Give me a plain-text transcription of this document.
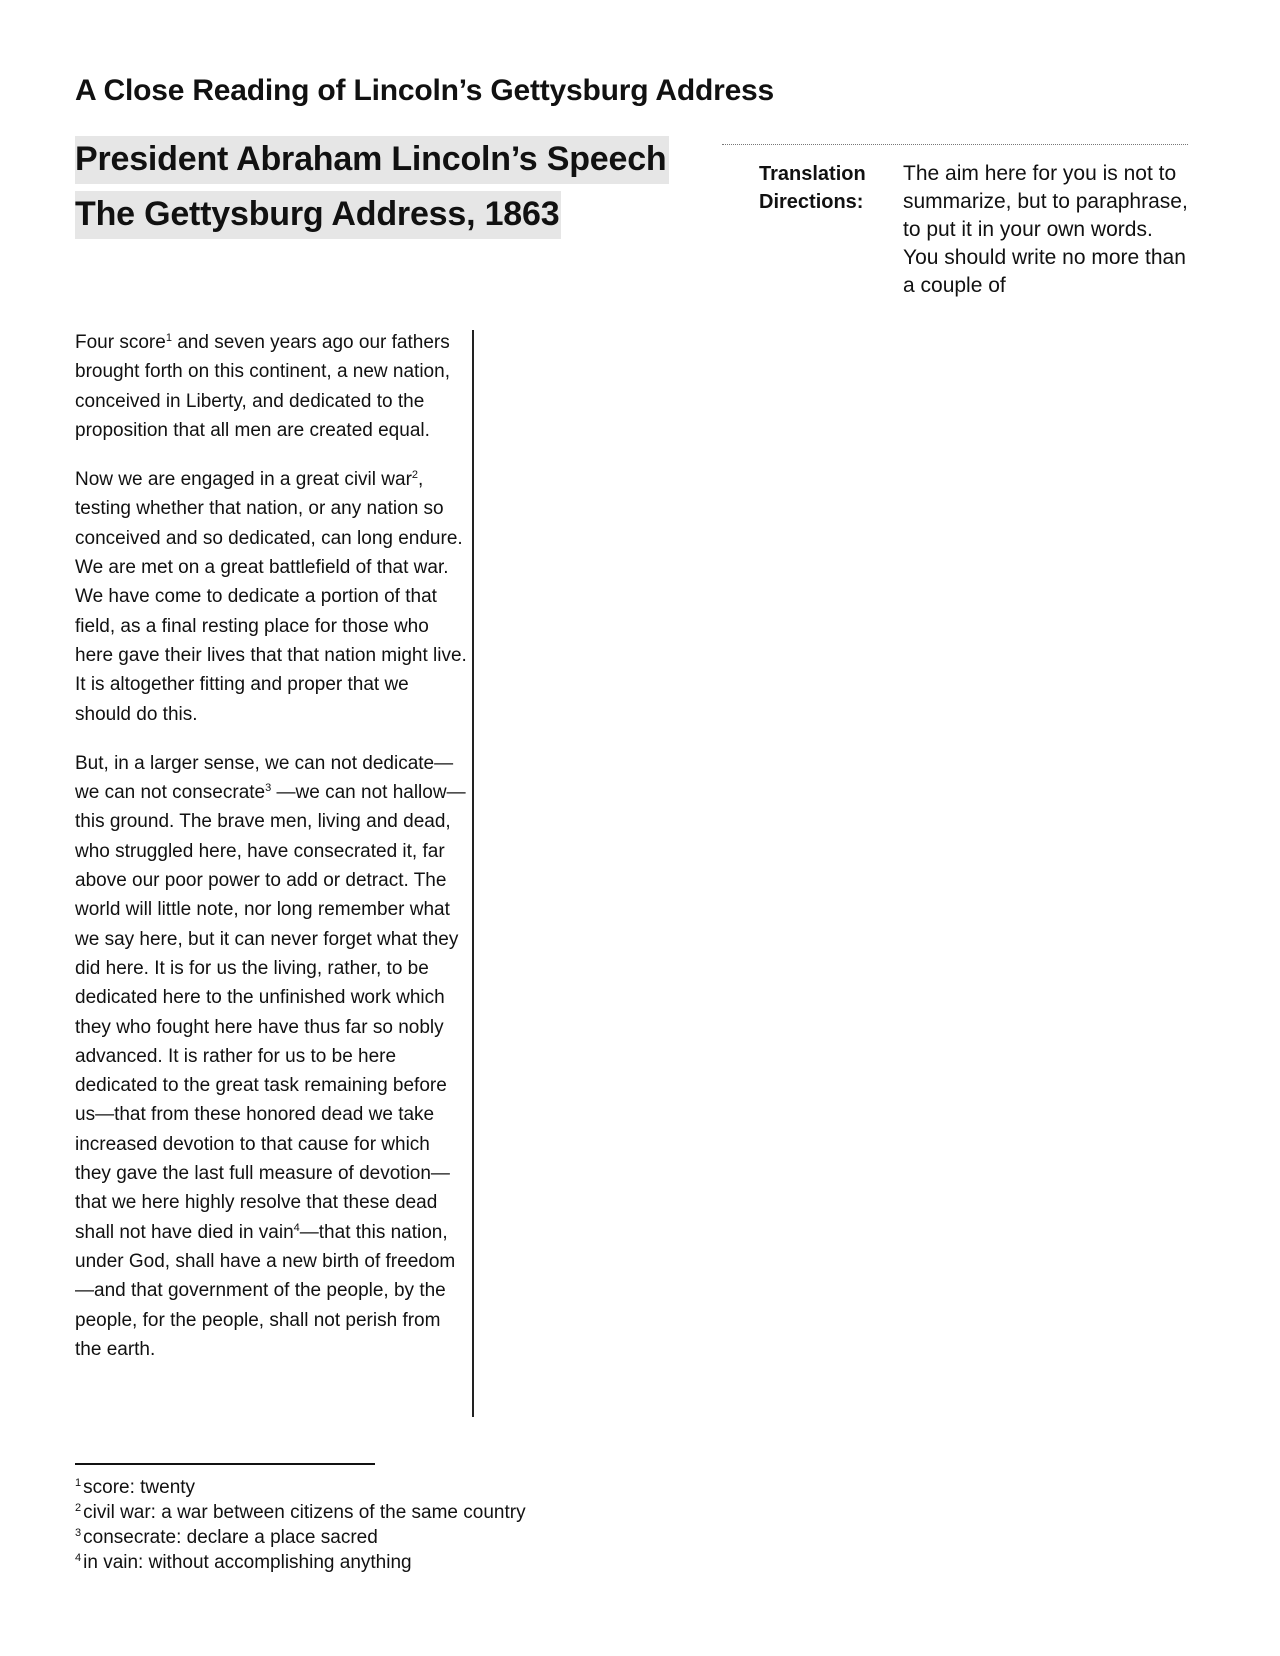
A Close Reading of Lincoln’s Gettysburg Address
President Abraham Lincoln’s Speech
The Gettysburg Address, 1863
Translation Directions:
The aim here for you is not to summarize, but to paraphrase, to put it in your own words. You should write no more than a couple of

Four score$^1$ and seven years ago our fathers brought forth on this continent, a new nation, conceived in Liberty, and dedicated to the proposition that all men are created equal.

Now we are engaged in a great civil war$^2$, testing whether that nation, or any nation so conceived and so dedicated, can long endure. We are met on a great battlefield of that war. We have come to dedicate a portion of that field, as a final resting place for those who here gave their lives that that nation might live. It is altogether fitting and proper that we should do this.

But, in a larger sense, we can not dedicate—we can not consecrate$^3$ —we can not hallow—this ground. The brave men, living and dead, who struggled here, have consecrated it, far above our poor power to add or detract. The world will little note, nor long remember what we say here, but it can never forget what they did here. It is for us the living, rather, to be dedicated here to the unfinished work which they who fought here have thus far so nobly advanced. It is rather for us to be here dedicated to the great task remaining before us—that from these honored dead we take increased devotion to that cause for which they gave the last full measure of devotion—that we here highly resolve that these dead shall not have died in vain$^4$—that this nation, under God, shall have a new birth of freedom—and that government of the people, by the people, for the people, shall not perish from the earth.

$^1$ score: twenty
$^2$ civil war: a war between citizens of the same country
$^3$ consecrate: declare a place sacred
$^4$ in vain: without accomplishing anything
